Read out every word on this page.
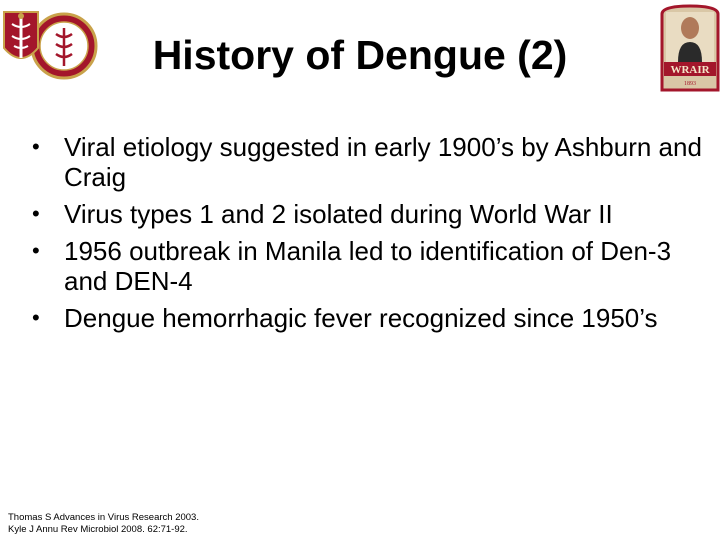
History of Dengue (2)	WRAIR
1893
• Viral etiology suggested in early 1900’s by Ashburn and Craig
• Virus types 1 and 2 isolated during World War II
• 1956 outbreak in Manila led to identification of Den-3 and DEN-4
• Dengue hemorrhagic fever recognized since 1950’s
Thomas S Advances in Virus Research 2003.
Kyle J Annu Rev Microbiol 2008. 62:71-92.
